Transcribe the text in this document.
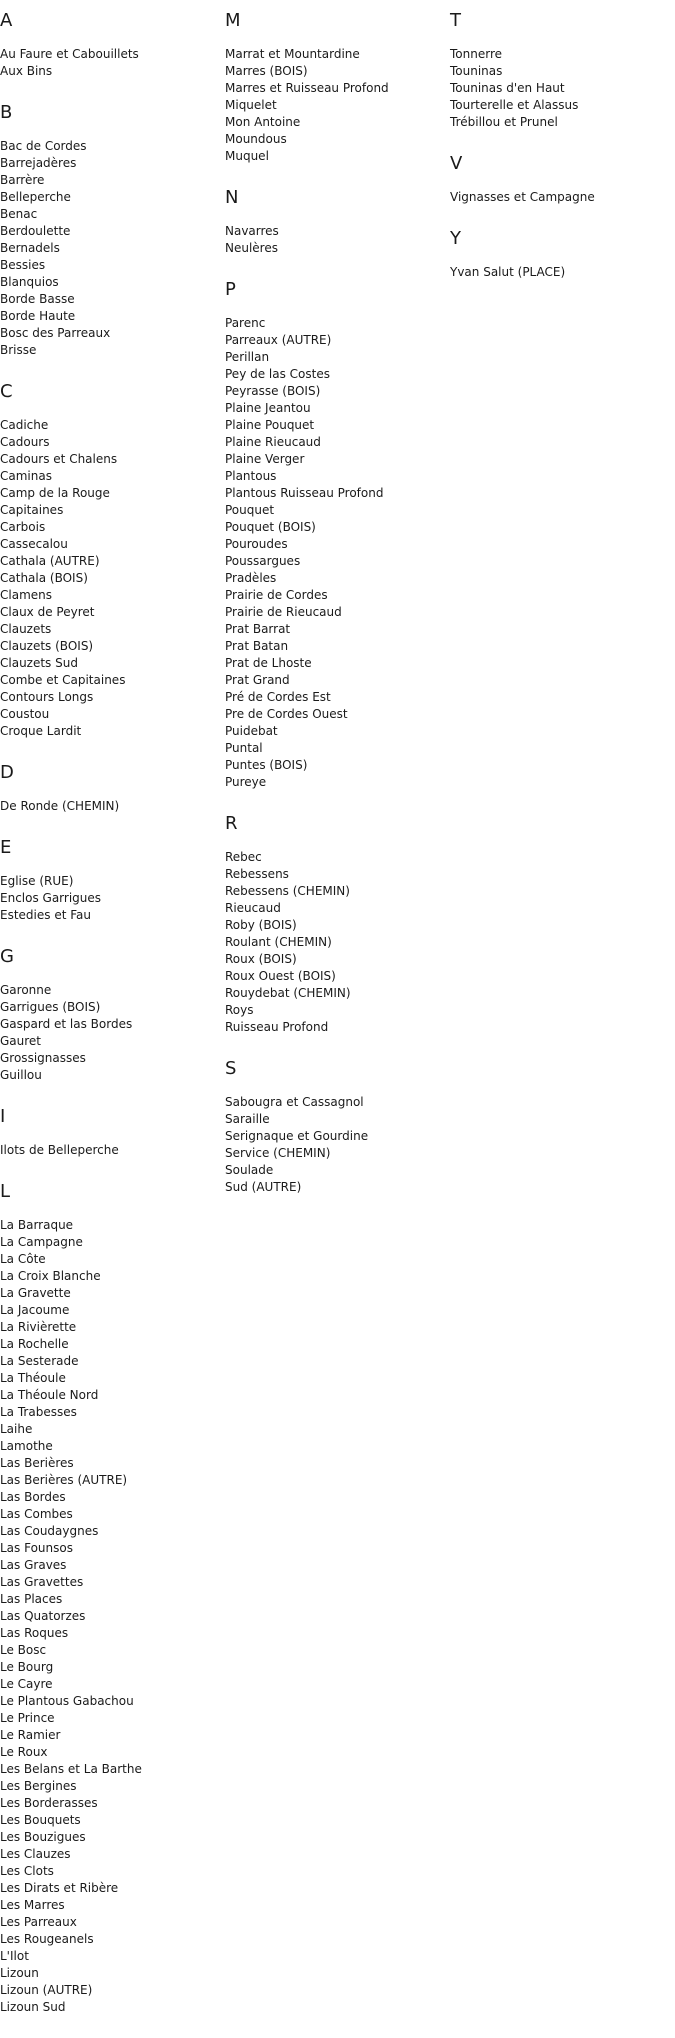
A
Au Faure et Cabouillets
Aux Bins
B
Bac de Cordes
Barrejadères
Barrère
Belleperche
Benac
Berdoulette
Bernadels
Bessies
Blanquios
Borde Basse
Borde Haute
Bosc des Parreaux
Brisse
C
Cadiche
Cadours
Cadours et Chalens
Caminas
Camp de la Rouge
Capitaines
Carbois
Cassecalou
Cathala (AUTRE)
Cathala (BOIS)
Clamens
Claux de Peyret
Clauzets
Clauzets (BOIS)
Clauzets Sud
Combe et Capitaines
Contours Longs
Coustou
Croque Lardit
D
De Ronde (CHEMIN)
E
Eglise (RUE)
Enclos Garrigues
Estedies et Fau
G
Garonne
Garrigues (BOIS)
Gaspard et las Bordes
Gauret
Grossignasses
Guillou
I
Ilots de Belleperche
L
La Barraque
La Campagne
La Côte
La Croix Blanche
La Gravette
La Jacoume
La Rivièrette
La Rochelle
La Sesterade
La Théoule
La Théoule Nord
La Trabesses
Laihe
Lamothe
Las Berières
Las Berières (AUTRE)
Las Bordes
Las Combes
Las Coudaygnes
Las Founsos
Las Graves
Las Gravettes
Las Places
Las Quatorzes
Las Roques
Le Bosc
Le Bourg
Le Cayre
Le Plantous Gabachou
Le Prince
Le Ramier
Le Roux
Les Belans et La Barthe
Les Bergines
Les Borderasses
Les Bouquets
Les Bouzigues
Les Clauzes
Les Clots
Les Dirats et Ribère
Les Marres
Les Parreaux
Les Rougeanels
L'Ilot
Lizoun
Lizoun (AUTRE)
Lizoun Sud
M
Marrat et Mountardine
Marres (BOIS)
Marres et Ruisseau Profond
Miquelet
Mon Antoine
Moundous
Muquel
N
Navarres
Neulères
P
Parenc
Parreaux (AUTRE)
Perillan
Pey de las Costes
Peyrasse (BOIS)
Plaine Jeantou
Plaine Pouquet
Plaine Rieucaud
Plaine Verger
Plantous
Plantous Ruisseau Profond
Pouquet
Pouquet (BOIS)
Pouroudes
Poussargues
Pradèles
Prairie de Cordes
Prairie de Rieucaud
Prat Barrat
Prat Batan
Prat de Lhoste
Prat Grand
Pré de Cordes Est
Pre de Cordes Ouest
Puidebat
Puntal
Puntes (BOIS)
Pureye
R
Rebec
Rebessens
Rebessens (CHEMIN)
Rieucaud
Roby (BOIS)
Roulant (CHEMIN)
Roux (BOIS)
Roux Ouest (BOIS)
Rouydebat (CHEMIN)
Roys
Ruisseau Profond
S
Sabougra et Cassagnol
Saraille
Serignaque et Gourdine
Service (CHEMIN)
Soulade
Sud (AUTRE)
T
Tonnerre
Touninas
Touninas d'en Haut
Tourterelle et Alassus
Trébillou et Prunel
V
Vignasses et Campagne
Y
Yvan Salut (PLACE)
